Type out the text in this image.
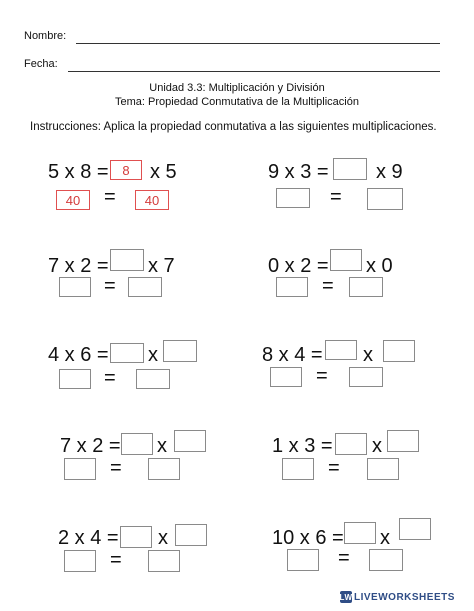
Nombre:
Fecha:
Unidad 3.3: Multiplicación y División
Tema: Propiedad Conmutativa de la Multiplicación
Instrucciones: Aplica la propiedad conmutativa a las siguientes multiplicaciones.
5 x 8 =	8	x 5
40	=	40
9 x 3 = x 9
=
7 x 2 = x 7
=
0 x 2 = x 0
=
4 x 6 = x
=
8 x 4 = x
=
7 x 2 = x
=
1 x 3 = x
=
2 x 4 = x
=
10 x 6 = x
=
LW LIVEWORKSHEETS
